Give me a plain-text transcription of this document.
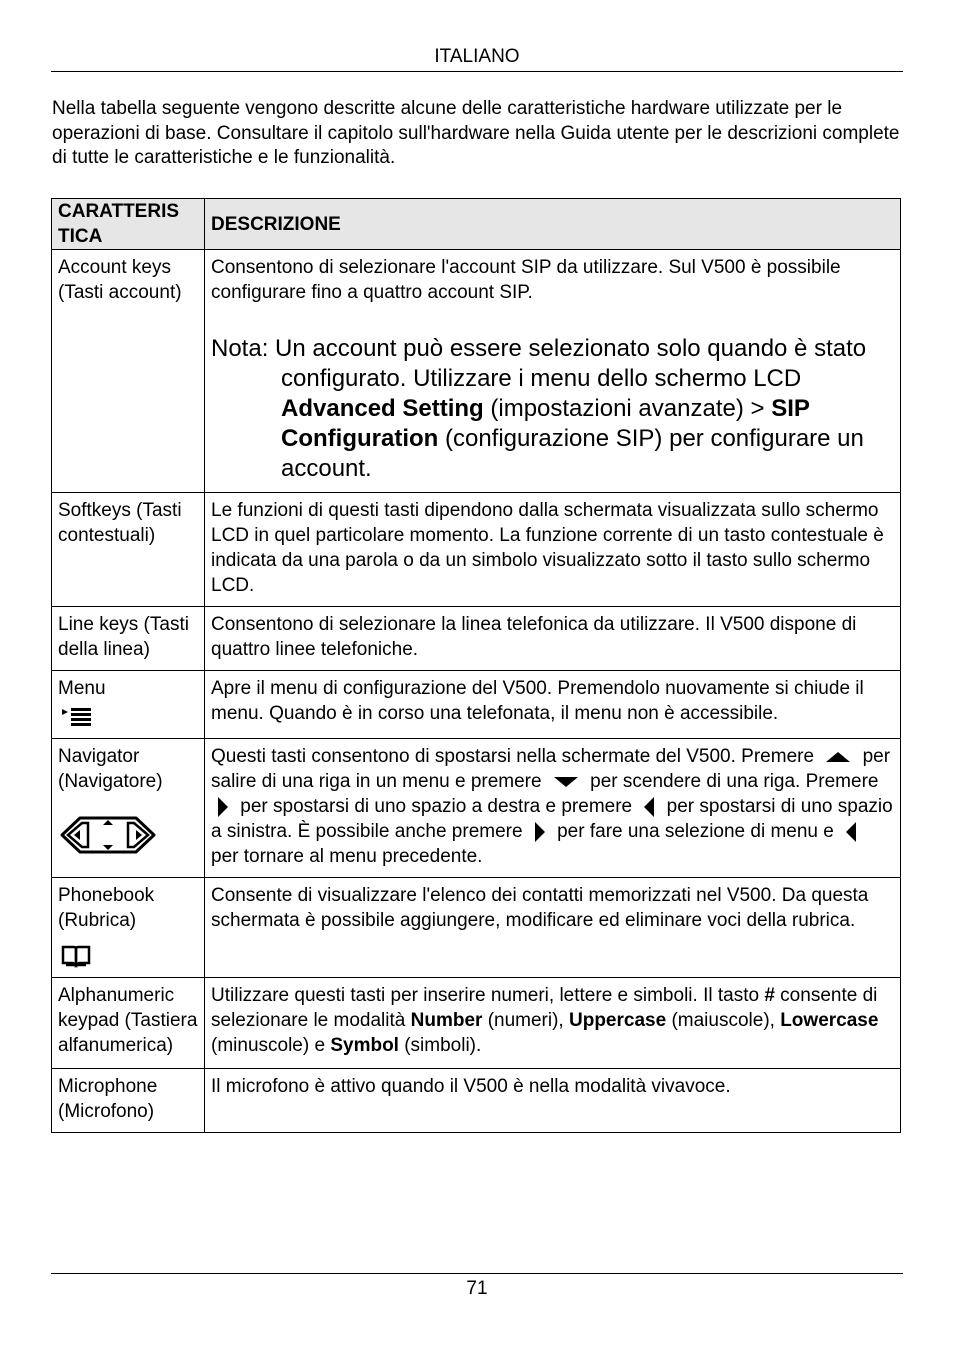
ITALIANO
Nella tabella seguente vengono descritte alcune delle caratteristiche hardware utilizzate per le operazioni di base. Consultare il capitolo sull'hardware nella Guida utente per le descrizioni complete di tutte le caratteristiche e le funzionalità.
CARATTERIS TICA	DESCRIZIONE
Account keys (Tasti account)	Consentono di selezionare l'account SIP da utilizzare. Sul V500 è possibile configurare fino a quattro account SIP.
Nota: Un account può essere selezionato solo quando è stato configurato. Utilizzare i menu dello schermo LCD Advanced Setting (impostazioni avanzate) > SIP Configuration (configurazione SIP) per configurare un account.

Softkeys (Tasti contestuali)	Le funzioni di questi tasti dipendono dalla schermata visualizzata sullo schermo LCD in quel particolare momento. La funzione corrente di un tasto contestuale è indicata da una parola o da un simbolo visualizzato sotto il tasto sullo schermo LCD.
Line keys (Tasti della linea)	Consentono di selezionare la linea telefonica da utilizzare. Il V500 dispone di quattro linee telefoniche.

Menu	Apre il menu di configurazione del V500. Premendolo nuovamente si chiude il menu. Quando è in corso una telefonata, il menu non è accessibile.

Navigator (Navigatore)	Questi tasti consentono di spostarsi nella schermate del V500. Premere per salire di una riga in un menu e premere per scendere di una riga. Premere  per spostarsi di uno spazio a destra e premere per spostarsi di uno spazio a sinistra. È possibile anche premere per fare una selezione di menu e  per tornare al menu precedente.

Phonebook (Rubrica)	Consente di visualizzare l'elenco dei contatti memorizzati nel V500. Da questa schermata è possibile aggiungere, modificare ed eliminare voci della rubrica.
Alphanumeric keypad (Tastiera alfanumerica)	Utilizzare questi tasti per inserire numeri, lettere e simboli. Il tasto # consente di selezionare le modalità Number (numeri), Uppercase (maiuscole), Lowercase (minuscole) e Symbol (simboli).
Microphone (Microfono)	Il microfono è attivo quando il V500 è nella modalità vivavoce.
71
